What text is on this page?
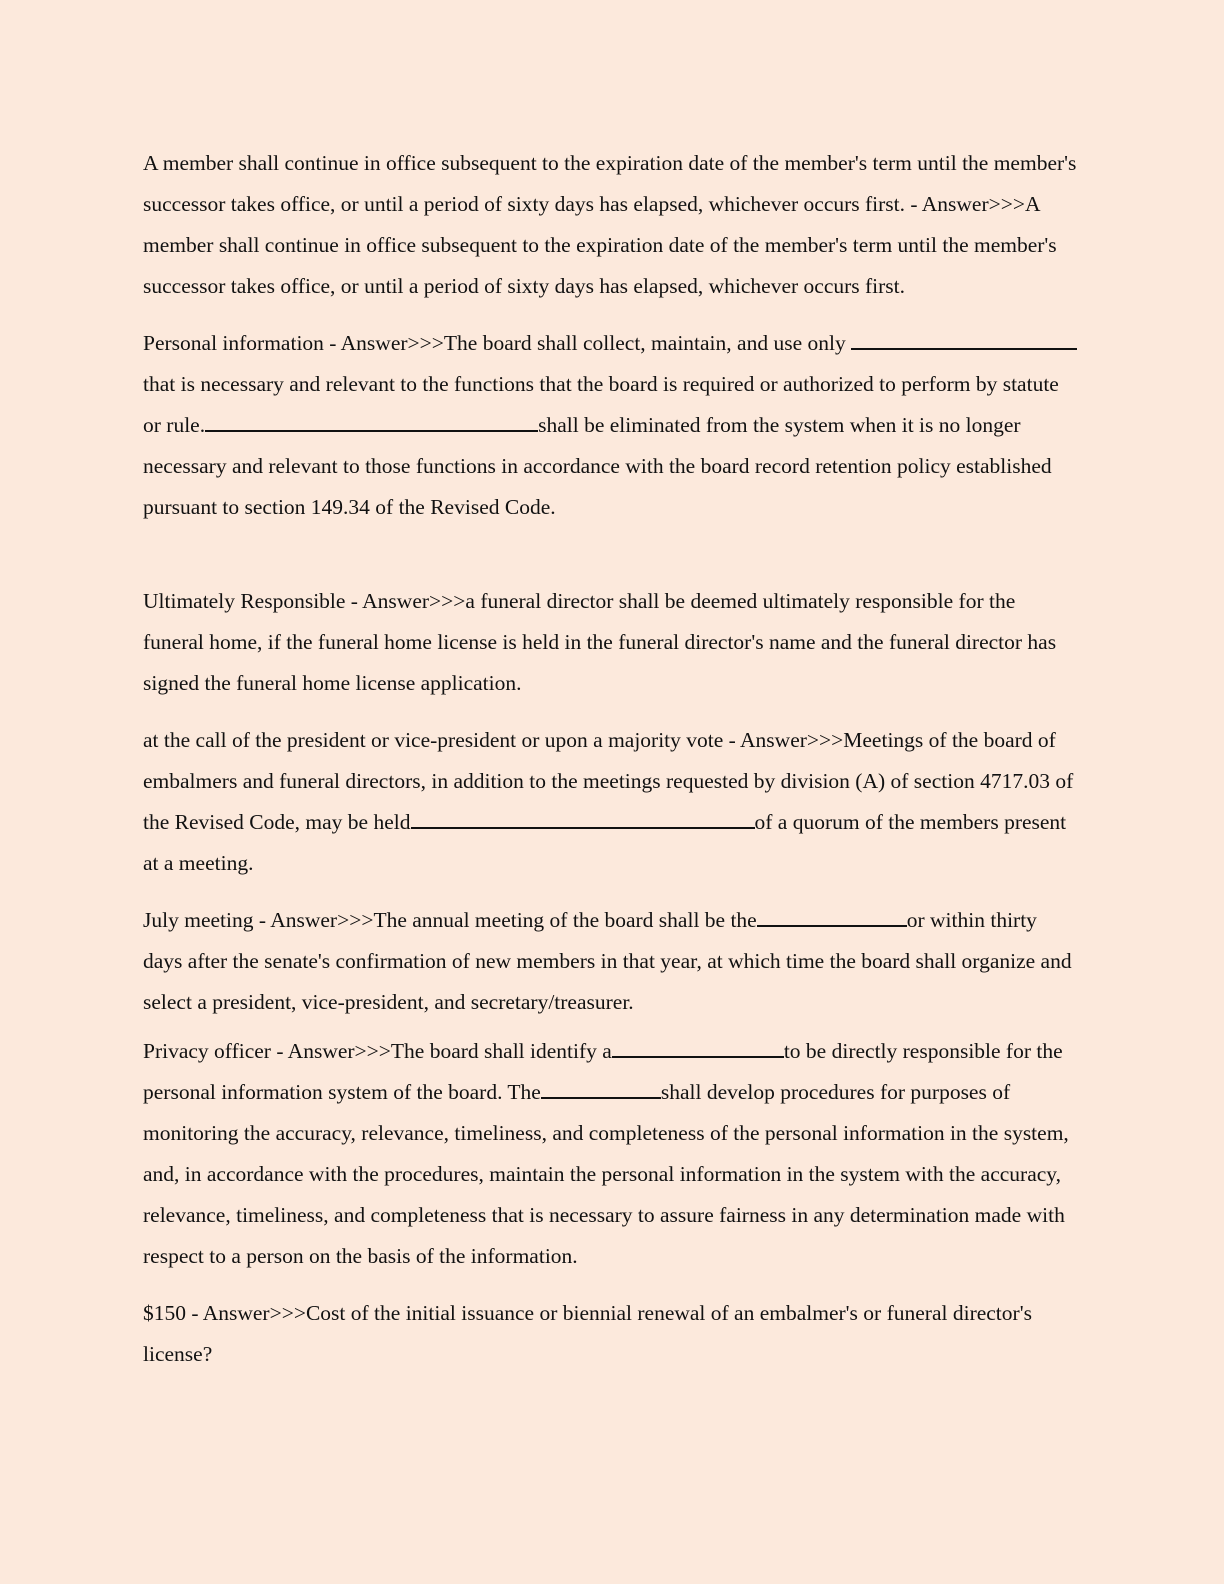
A member shall continue in office subsequent to the expiration date of the member's term until the member's successor takes office, or until a period of sixty days has elapsed, whichever occurs first. - Answer>>>A member shall continue in office subsequent to the expiration date of the member's term until the member's successor takes office, or until a period of sixty days has elapsed, whichever occurs first.

Personal information - Answer>>>The board shall collect, maintain, and use only that is necessary and relevant to the functions that the board is required or authorized to perform by statute or rule.	shall be eliminated from the system when it is no longer necessary and relevant to those functions in accordance with the board record retention policy established pursuant to section 149.34 of the Revised Code.

Ultimately Responsible - Answer>>>a funeral director shall be deemed ultimately responsible for the funeral home, if the funeral home license is held in the funeral director's name and the funeral director has signed the funeral home license application.

at the call of the president or vice-president or upon a majority vote - Answer>>>Meetings of the board of embalmers and funeral directors, in addition to the meetings requested by division (A) of section 4717.03 of the Revised Code, may be held	of a quorum of the members present at a meeting.

July meeting - Answer>>>The annual meeting of the board shall be the	or within thirty days after the senate's confirmation of new members in that year, at which time the board shall organize and select a president, vice-president, and secretary/treasurer.

Privacy officer - Answer>>>The board shall identify a	to be directly responsible for the personal information system of the board. The	shall develop procedures for purposes of monitoring the accuracy, relevance, timeliness, and completeness of the personal information in the system, and, in accordance with the procedures, maintain the personal information in the system with the accuracy, relevance, timeliness, and completeness that is necessary to assure fairness in any determination made with respect to a person on the basis of the information.

$150 - Answer>>>Cost of the initial issuance or biennial renewal of an embalmer's or funeral director's license?
